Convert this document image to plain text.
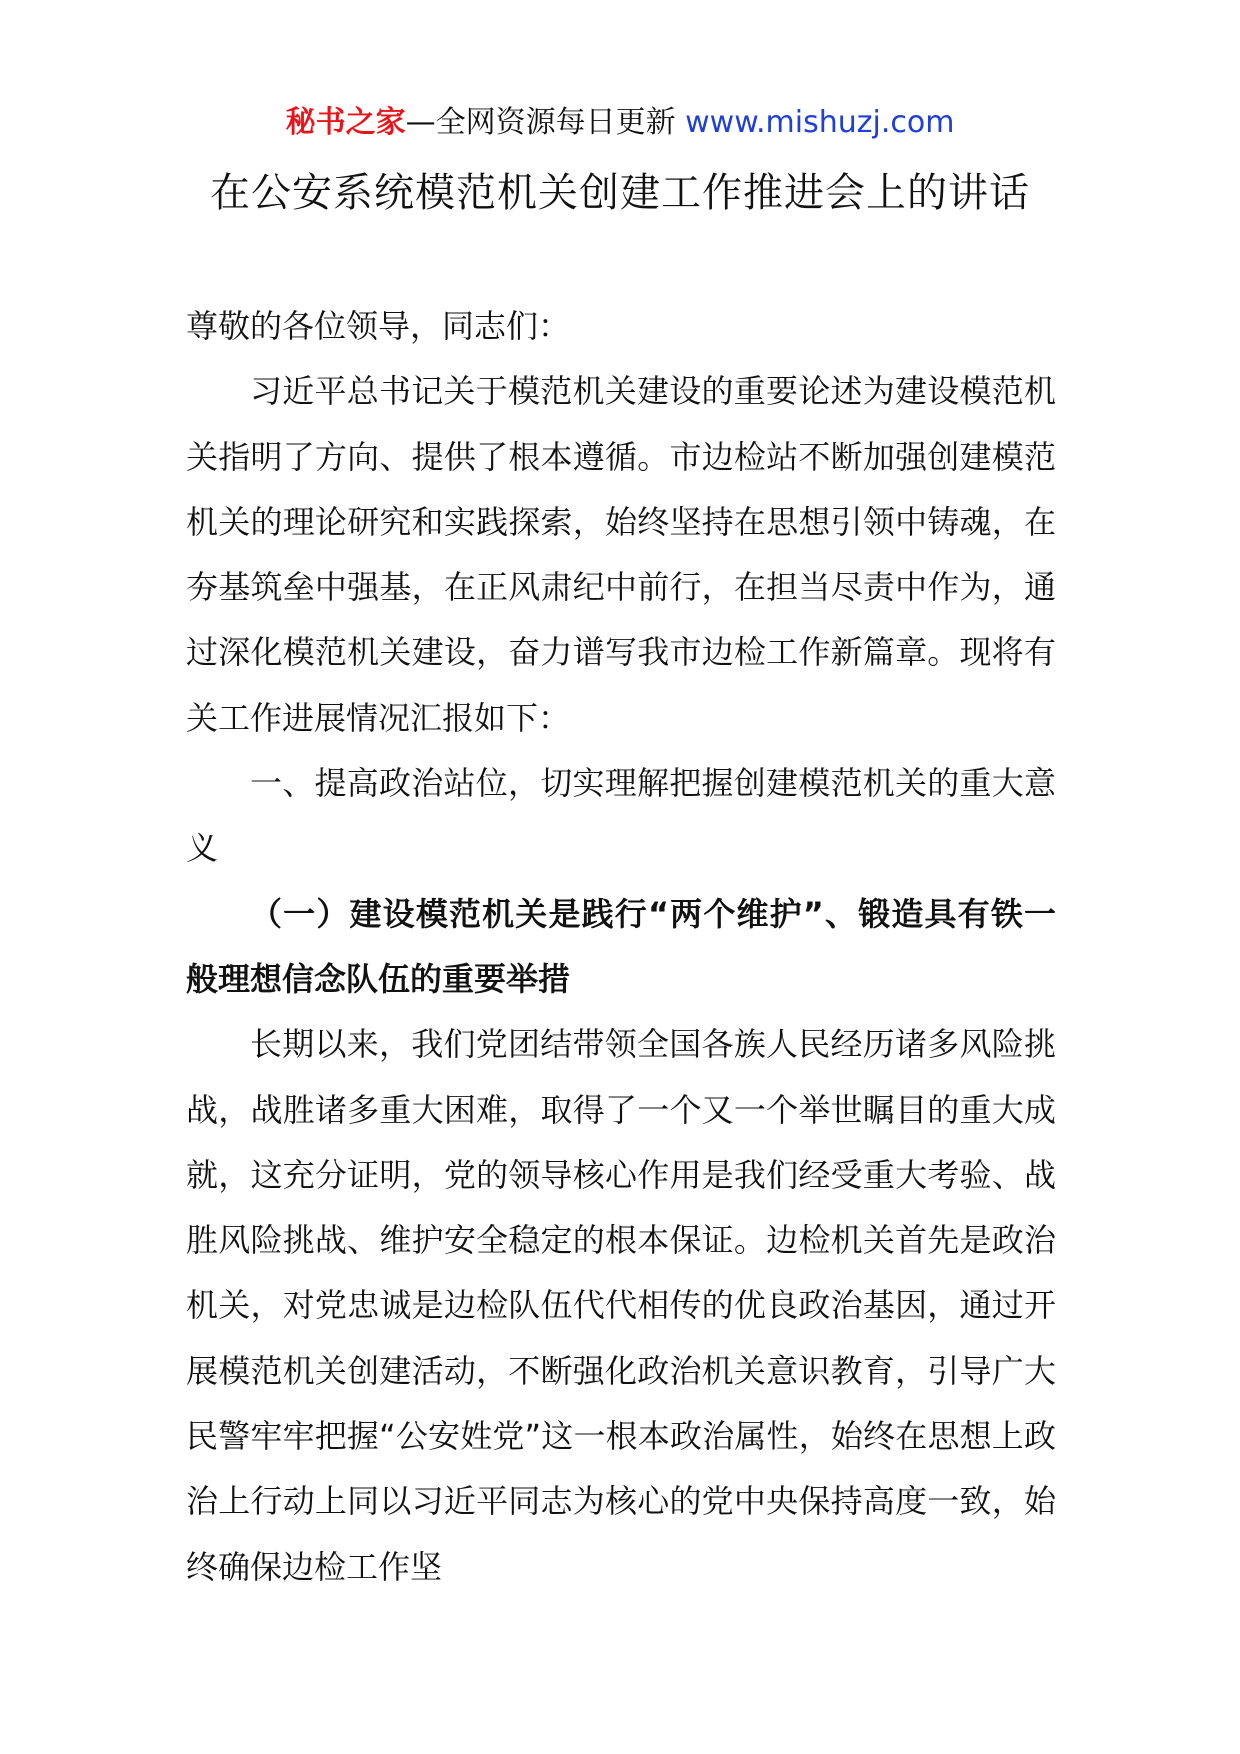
秘书之家—全网资源每日更新 www.mishuzj.com
在公安系统模范机关创建工作推进会上的讲话

尊敬的各位领导，同志们：

习近平总书记关于模范机关建设的重要论述为建设模范机关指明了方向、提供了根本遵循。市边检站不断加强创建模范机关的理论研究和实践探索，始终坚持在思想引领中铸魂，在夯基筑垒中强基，在正风肃纪中前行，在担当尽责中作为，通过深化模范机关建设，奋力谱写我市边检工作新篇章。现将有关工作进展情况汇报如下：

一、提高政治站位，切实理解把握创建模范机关的重大意义

（一）建设模范机关是践行“两个维护”、锻造具有铁一般理想信念队伍的重要举措

长期以来，我们党团结带领全国各族人民经历诸多风险挑战，战胜诸多重大困难，取得了一个又一个举世瞩目的重大成就，这充分证明，党的领导核心作用是我们经受重大考验、战胜风险挑战、维护安全稳定的根本保证。边检机关首先是政治机关，对党忠诚是边检队伍代代相传的优良政治基因，通过开展模范机关创建活动，不断强化政治机关意识教育，引导广大民警牢牢把握“公安姓党”这一根本政治属性，始终在思想上政治上行动上同以习近平同志为核心的党中央保持高度一致，始终确保边检工作坚
